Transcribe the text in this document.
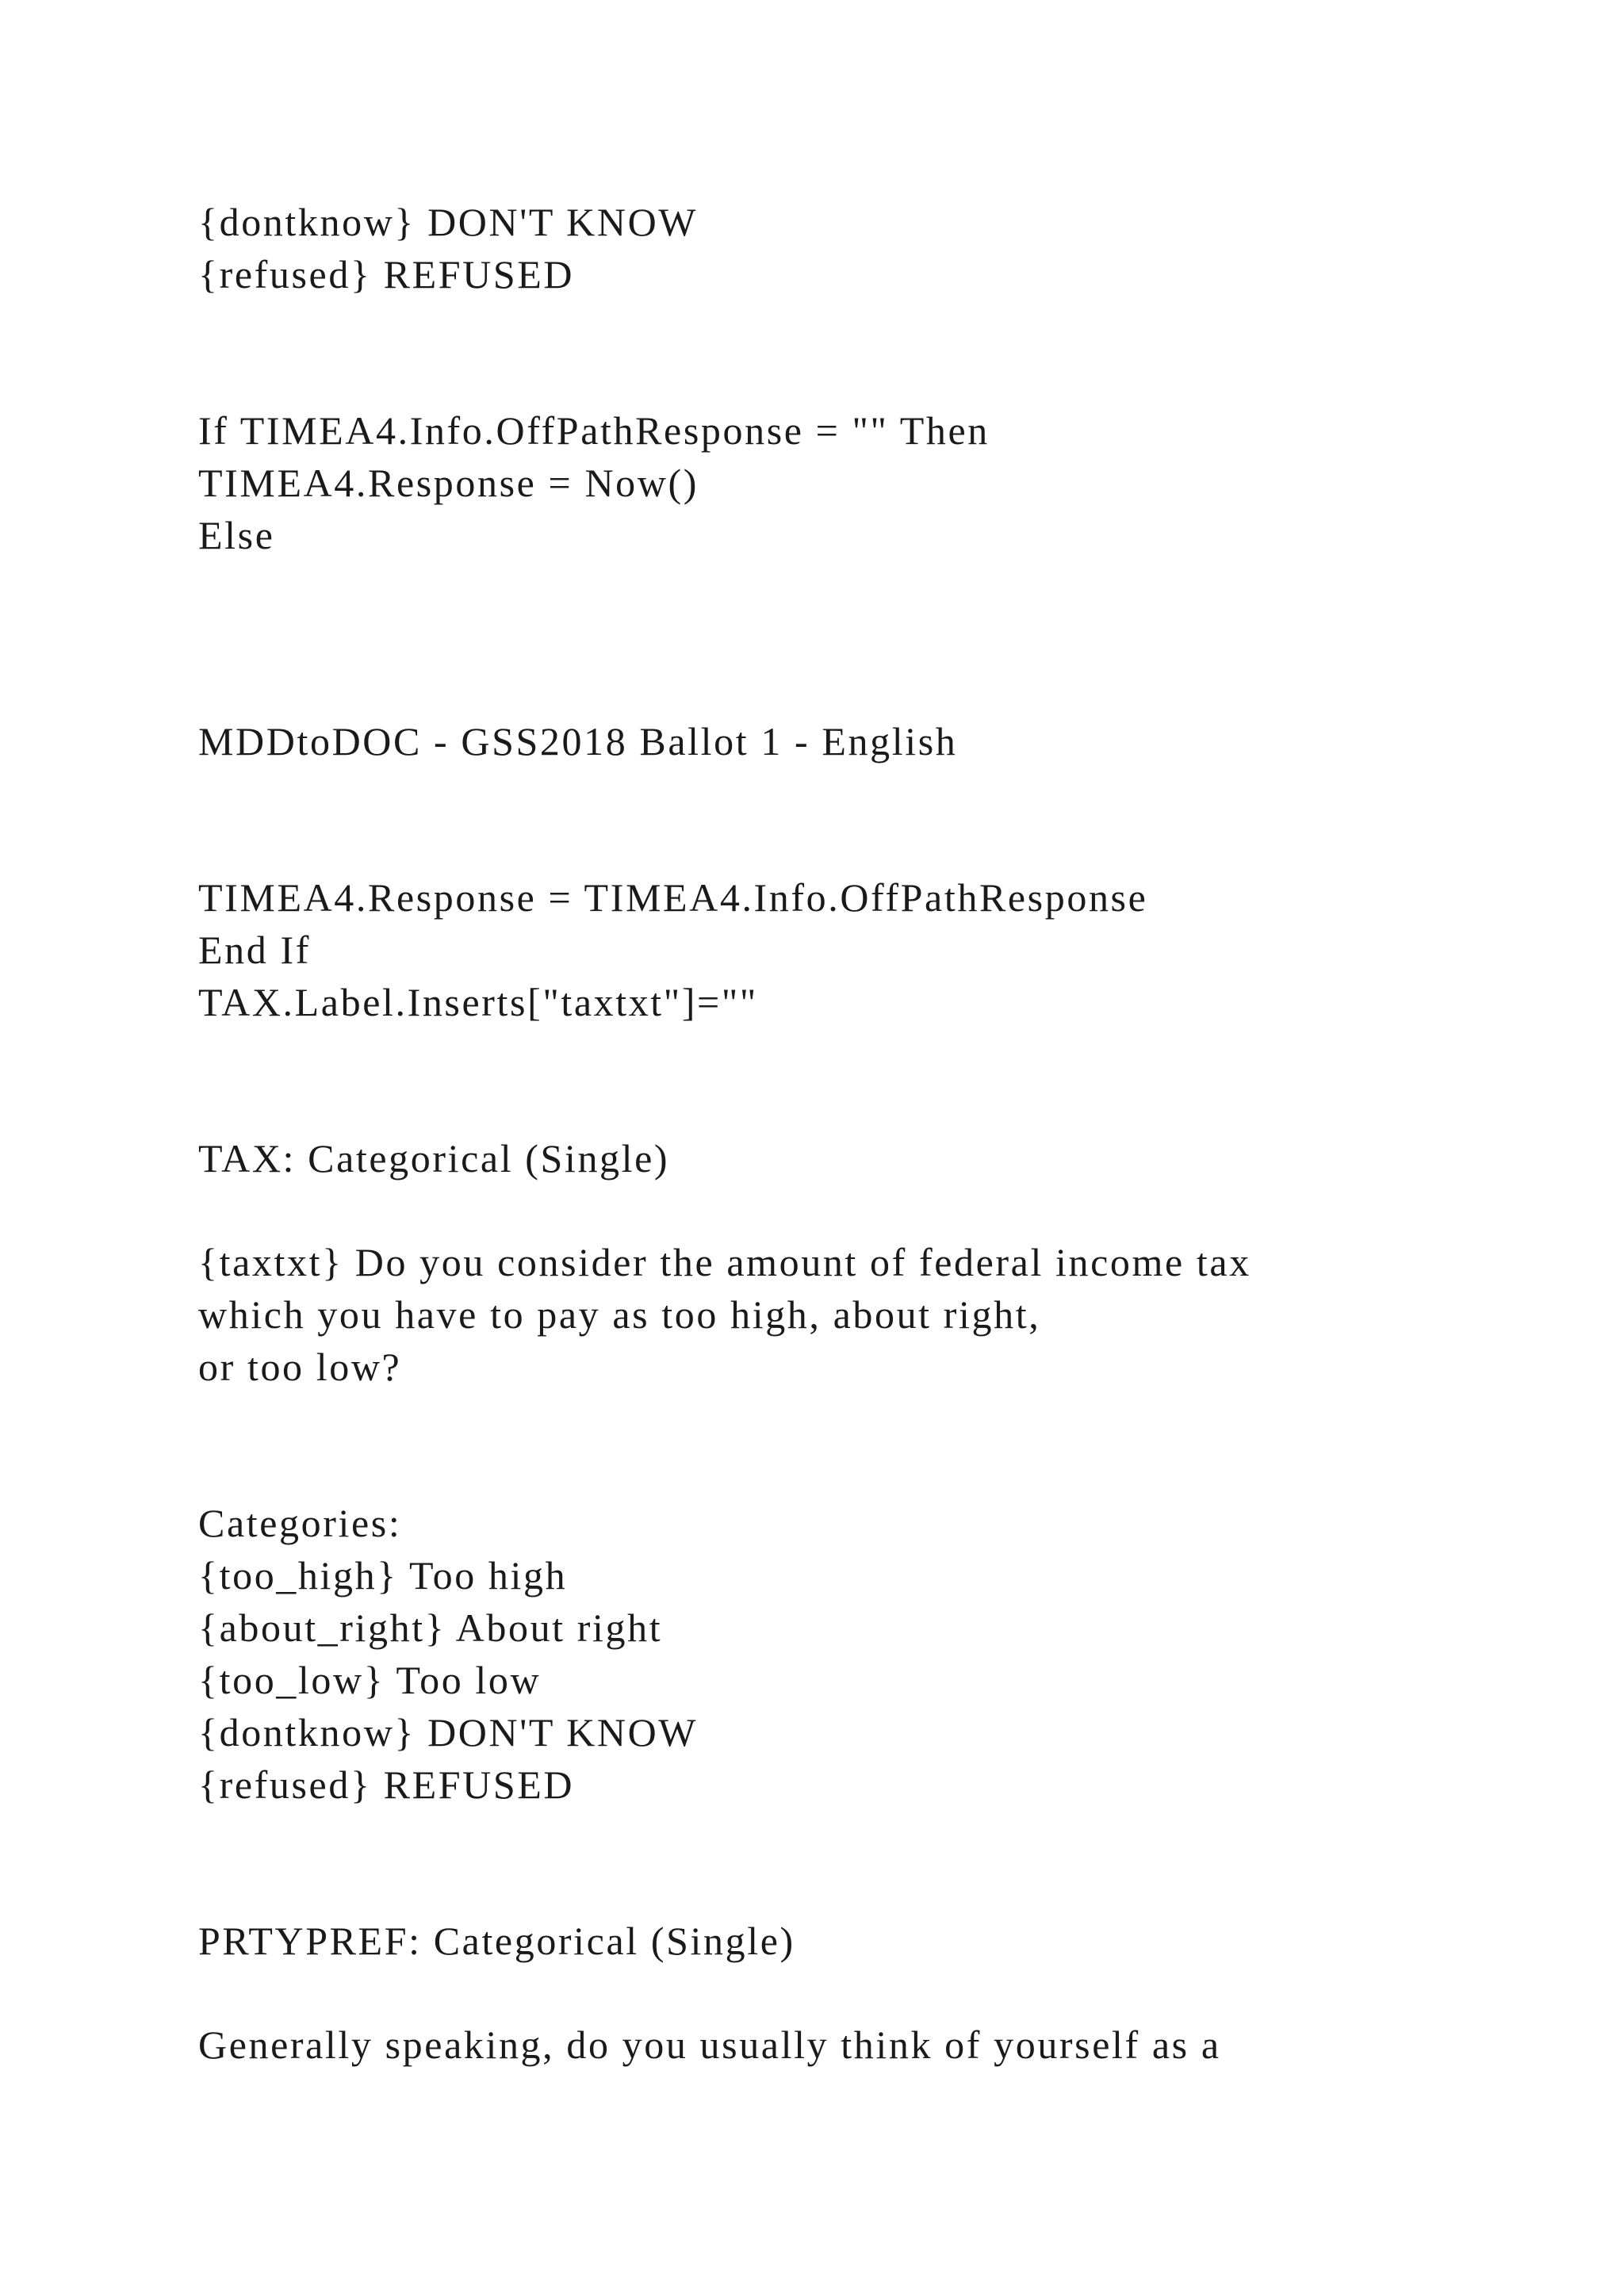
{dontknow} DON'T KNOW
{refused} REFUSED
If TIMEA4.Info.OffPathResponse = "" Then
TIMEA4.Response = Now()
Else
MDDtoDOC - GSS2018 Ballot 1 - English
TIMEA4.Response = TIMEA4.Info.OffPathResponse
End If
TAX.Label.Inserts["taxtxt"]=""
TAX: Categorical (Single)
{taxtxt} Do you consider the amount of federal income tax
which you have to pay as too high, about right,
or too low?
Categories:
{too_high} Too high
{about_right} About right
{too_low} Too low
{dontknow} DON'T KNOW
{refused} REFUSED
PRTYPREF: Categorical (Single)
Generally speaking, do you usually think of yourself as a
